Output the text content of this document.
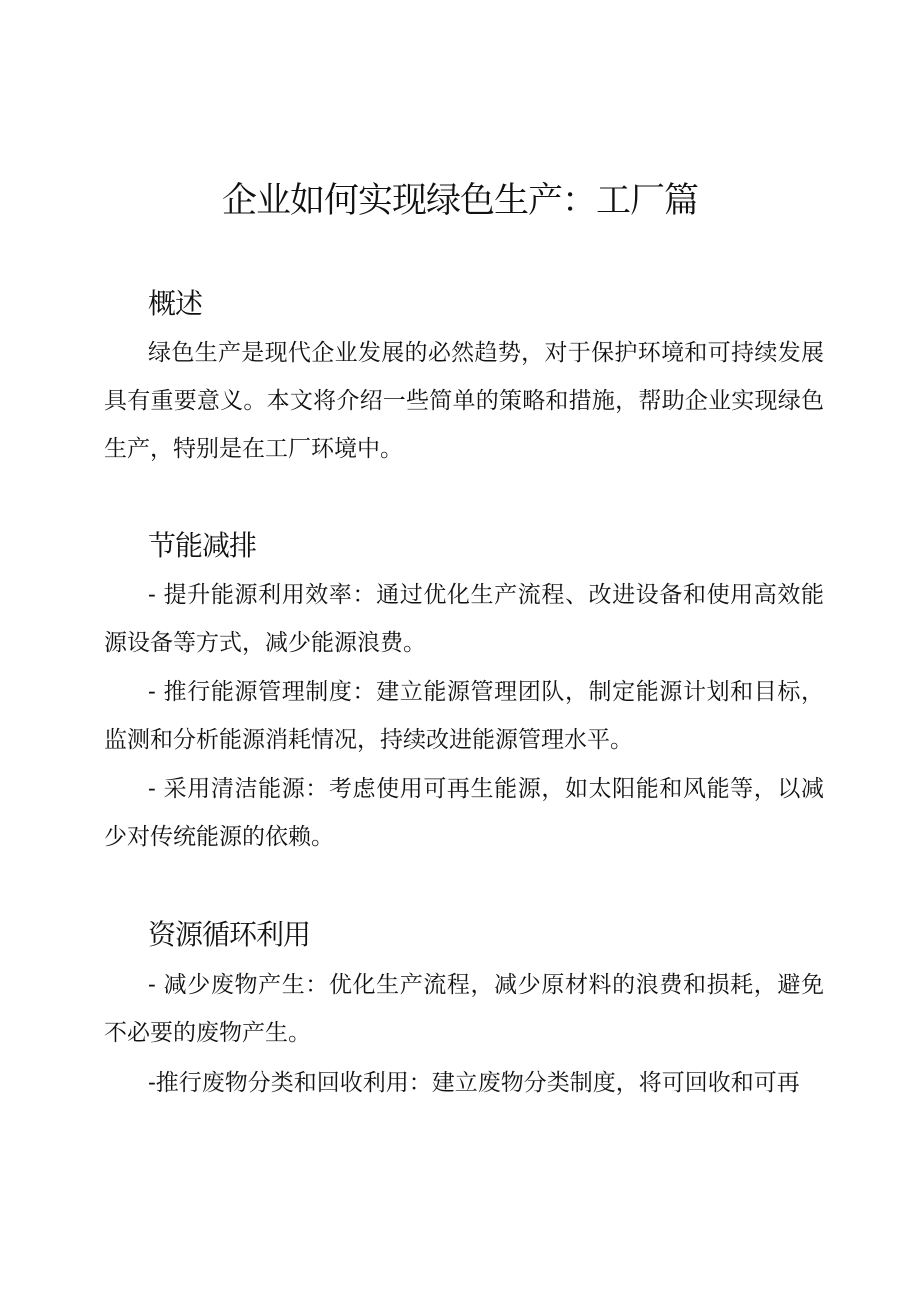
企业如何实现绿色生产：工厂篇
概述

绿色生产是现代企业发展的必然趋势，对于保护环境和可持续发展具有重要意义。本文将介绍一些简单的策略和措施，帮助企业实现绿色生产，特别是在工厂环境中。

节能减排

- 提升能源利用效率：通过优化生产流程、改进设备和使用高效能源设备等方式，减少能源浪费。

- 推行能源管理制度：建立能源管理团队，制定能源计划和目标，监测和分析能源消耗情况，持续改进能源管理水平。

- 采用清洁能源：考虑使用可再生能源，如太阳能和风能等，以减少对传统能源的依赖。

资源循环利用

- 减少废物产生：优化生产流程，减少原材料的浪费和损耗，避免不必要的废物产生。

-推行废物分类和回收利用：建立废物分类制度，将可回收和可再
